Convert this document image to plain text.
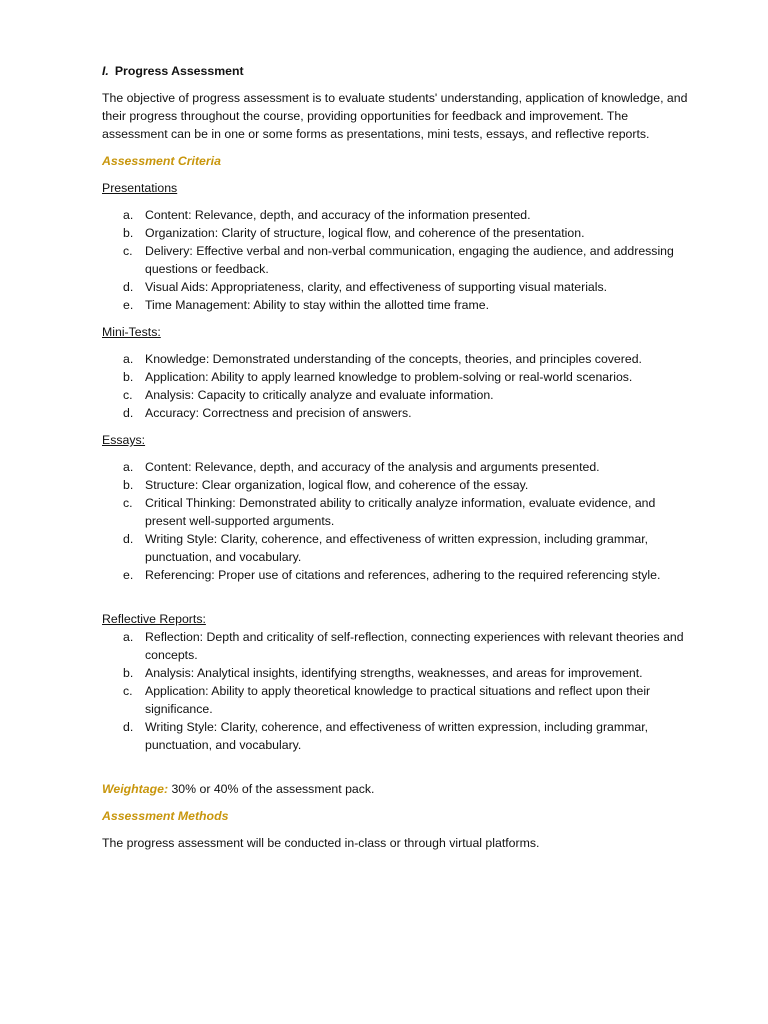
I. Progress Assessment

The objective of progress assessment is to evaluate students' understanding, application of knowledge, and their progress throughout the course, providing opportunities for feedback and improvement. The assessment can be in one or some forms as presentations, mini tests, essays, and reflective reports.

Assessment Criteria

Presentations

a. Content: Relevance, depth, and accuracy of the information presented.
b. Organization: Clarity of structure, logical flow, and coherence of the presentation.
c. Delivery: Effective verbal and non-verbal communication, engaging the audience, and addressing questions or feedback.
d. Visual Aids: Appropriateness, clarity, and effectiveness of supporting visual materials.
e. Time Management: Ability to stay within the allotted time frame.

Mini-Tests:

a. Knowledge: Demonstrated understanding of the concepts, theories, and principles covered.
b. Application: Ability to apply learned knowledge to problem-solving or real-world scenarios.
c. Analysis: Capacity to critically analyze and evaluate information.
d. Accuracy: Correctness and precision of answers.

Essays:

a. Content: Relevance, depth, and accuracy of the analysis and arguments presented.
b. Structure: Clear organization, logical flow, and coherence of the essay.
c. Critical Thinking: Demonstrated ability to critically analyze information, evaluate evidence, and present well-supported arguments.
d. Writing Style: Clarity, coherence, and effectiveness of written expression, including grammar, punctuation, and vocabulary.
e. Referencing: Proper use of citations and references, adhering to the required referencing style.

Reflective Reports:

a. Reflection: Depth and criticality of self-reflection, connecting experiences with relevant theories and concepts.
b. Analysis: Analytical insights, identifying strengths, weaknesses, and areas for improvement.
c. Application: Ability to apply theoretical knowledge to practical situations and reflect upon their significance.
d. Writing Style: Clarity, coherence, and effectiveness of written expression, including grammar, punctuation, and vocabulary.

Weightage: 30% or 40% of the assessment pack.

Assessment Methods

The progress assessment will be conducted in-class or through virtual platforms.
